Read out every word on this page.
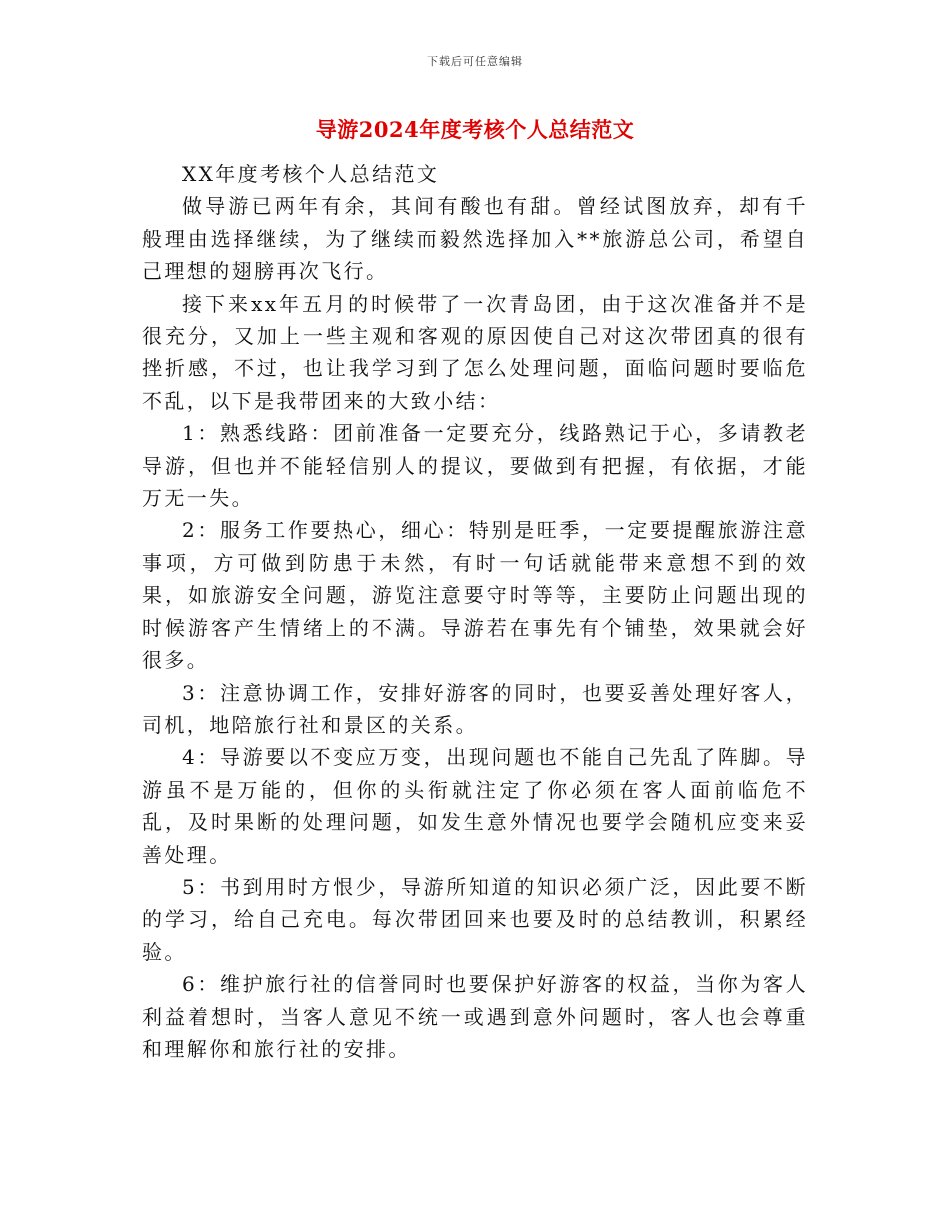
下载后可任意编辑
导游2024年度考核个人总结范文

XX年度考核个人总结范文

做导游已两年有余，其间有酸也有甜。曾经试图放弃，却有千般理由选择继续，为了继续而毅然选择加入**旅游总公司，希望自己理想的翅膀再次飞行。

接下来xx年五月的时候带了一次青岛团，由于这次准备并不是很充分，又加上一些主观和客观的原因使自己对这次带团真的很有挫折感，不过，也让我学习到了怎么处理问题，面临问题时要临危不乱，以下是我带团来的大致小结：

1：熟悉线路：团前准备一定要充分，线路熟记于心，多请教老导游，但也并不能轻信别人的提议，要做到有把握，有依据，才能万无一失。

2：服务工作要热心，细心：特别是旺季，一定要提醒旅游注意事项，方可做到防患于未然，有时一句话就能带来意想不到的效果，如旅游安全问题，游览注意要守时等等，主要防止问题出现的时候游客产生情绪上的不满。导游若在事先有个铺垫，效果就会好很多。

3：注意协调工作，安排好游客的同时，也要妥善处理好客人，司机，地陪旅行社和景区的关系。

4：导游要以不变应万变，出现问题也不能自己先乱了阵脚。导游虽不是万能的，但你的头衔就注定了你必须在客人面前临危不乱，及时果断的处理问题，如发生意外情况也要学会随机应变来妥善处理。

5：书到用时方恨少，导游所知道的知识必须广泛，因此要不断的学习，给自己充电。每次带团回来也要及时的总结教训，积累经验。

6：维护旅行社的信誉同时也要保护好游客的权益，当你为客人利益着想时，当客人意见不统一或遇到意外问题时，客人也会尊重和理解你和旅行社的安排。
